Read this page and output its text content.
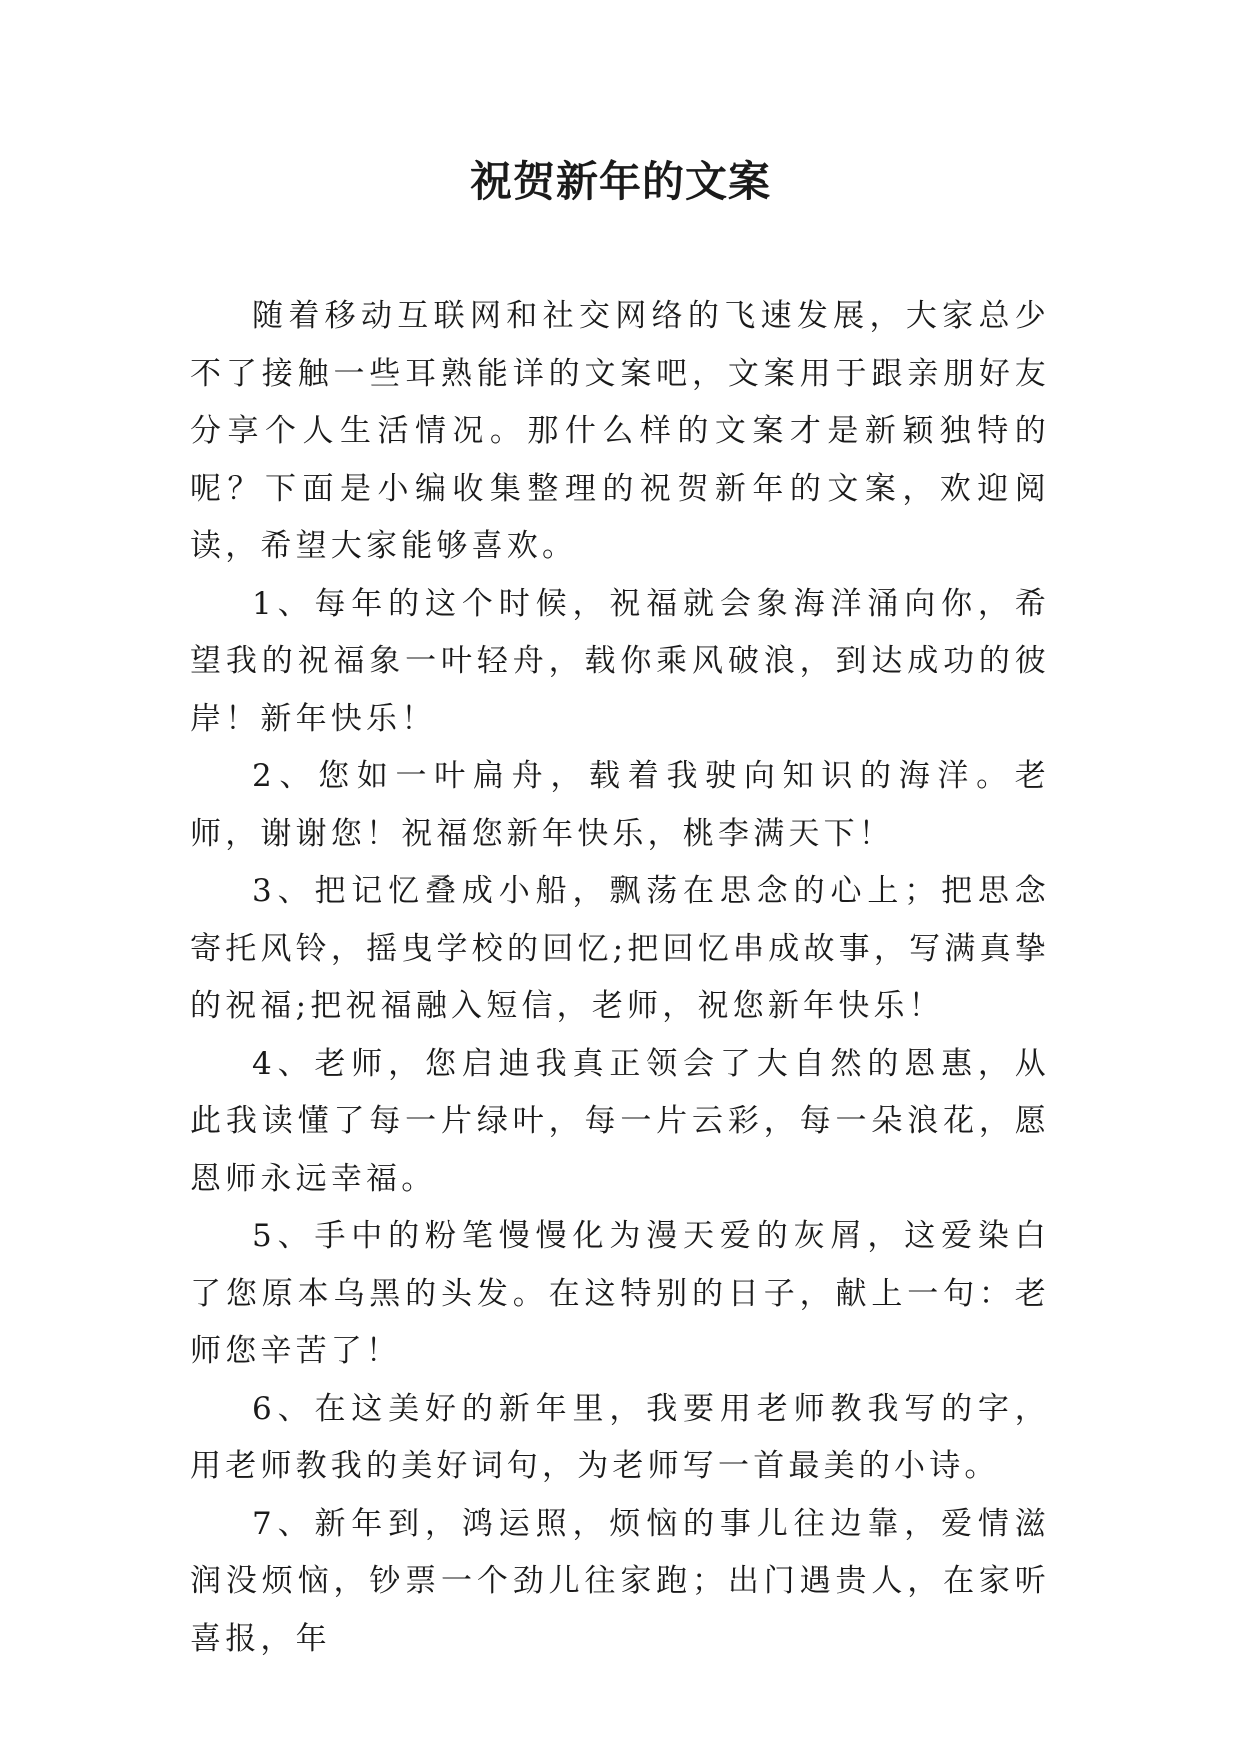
祝贺新年的文案

随着移动互联网和社交网络的飞速发展，大家总少不了接触一些耳熟能详的文案吧，文案用于跟亲朋好友分享个人生活情况。那什么样的文案才是新颖独特的呢？下面是小编收集整理的祝贺新年的文案，欢迎阅读，希望大家能够喜欢。

1、每年的这个时候，祝福就会象海洋涌向你，希望我的祝福象一叶轻舟，载你乘风破浪，到达成功的彼岸！新年快乐！

2、您如一叶扁舟，载着我驶向知识的海洋。老师，谢谢您！祝福您新年快乐，桃李满天下！

3、把记忆叠成小船，飘荡在思念的心上；把思念寄托风铃，摇曳学校的回忆;把回忆串成故事，写满真挚的祝福;把祝福融入短信，老师，祝您新年快乐！

4、老师，您启迪我真正领会了大自然的恩惠，从此我读懂了每一片绿叶，每一片云彩，每一朵浪花，愿恩师永远幸福。

5、手中的粉笔慢慢化为漫天爱的灰屑，这爱染白了您原本乌黑的头发。在这特别的日子，献上一句：老师您辛苦了！

6、在这美好的新年里，我要用老师教我写的字，用老师教我的美好词句，为老师写一首最美的小诗。

7、新年到，鸿运照，烦恼的事儿往边靠，爱情滋润没烦恼，钞票一个劲儿往家跑；出门遇贵人，在家听喜报，年
